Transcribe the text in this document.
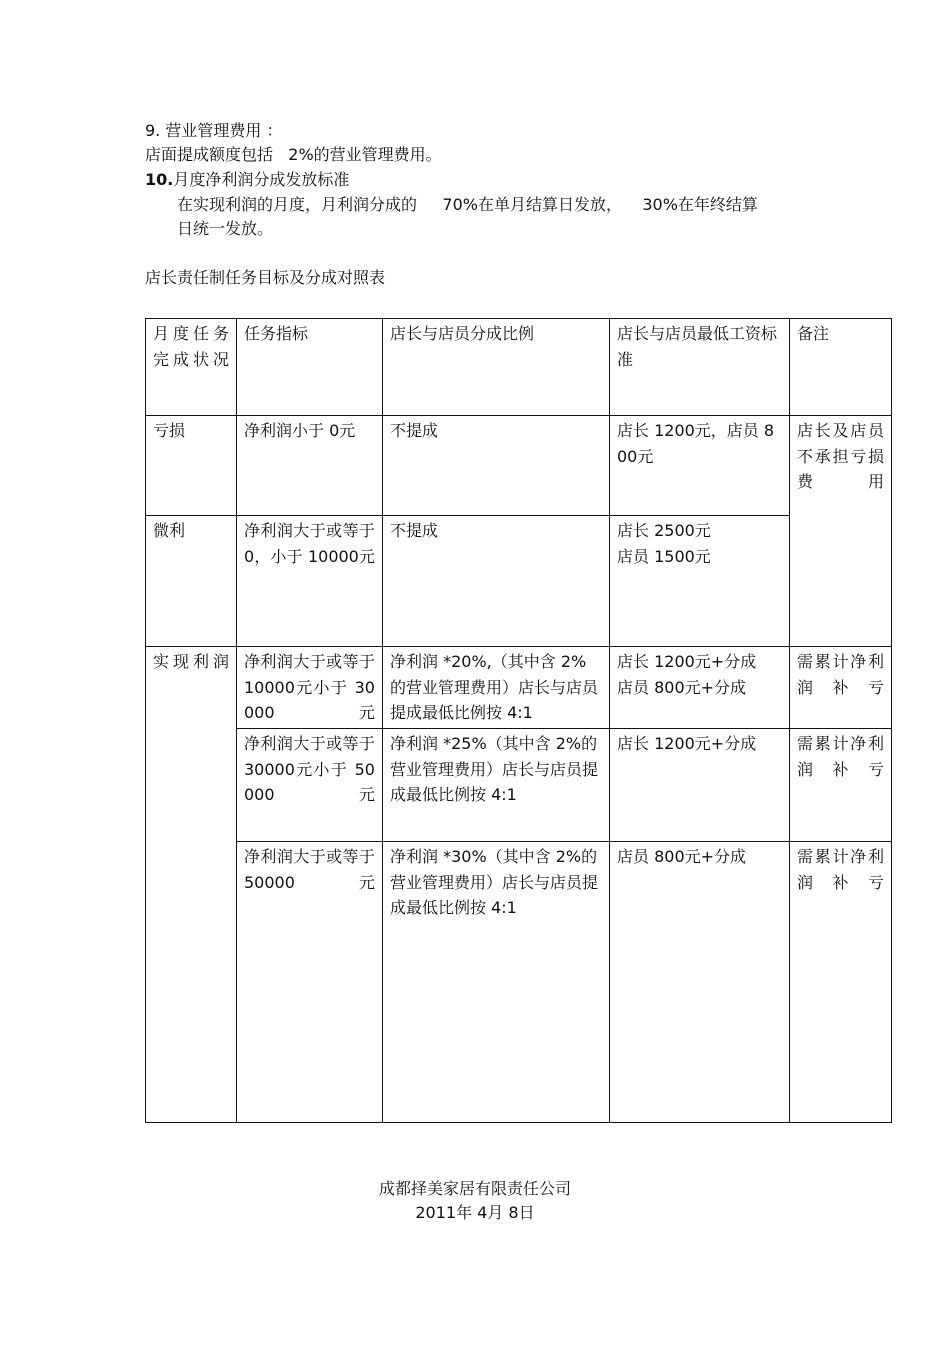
9. 营业管理费用 ：
店面提成额度包括   2%的营业管理费用。
10.月度净利润分成发放标准
在实现利润的月度，月利润分成的     70%在单月结算日发放，    30%在年终结算
日统一发放。
店长责任制任务目标及分成对照表
月度任务完成状况	任务指标	店长与店员分成比例	店长与店员最低工资标准	备注
亏损	净利润小于 0元	不提成	店长 1200元，店员 800元	店长及店员不承担亏损费用
微利	净利润大于或等于 0，小于 10000元	不提成	店长 2500元
店员 1500元	

实现利润	净利润大于或等于10000元小于 30000元	净利润 *20%,（其中含 2%的营业管理费用）店长与店员提成最低比例按 4:1	店长 1200元+分成
店员 800元+分成	需累计净利润补亏
	净利润大于或等于30000元小于 50000元	净利润 *25%（其中含 2%的营业管理费用）店长与店员提成最低比例按 4:1	店长 1200元+分成	需累计净利润补亏
	净利润大于或等于 50000元	净利润 *30%（其中含 2%的营业管理费用）店长与店员提成最低比例按 4:1	店员 800元+分成	需累计净利润补亏
成都择美家居有限责任公司
2011年 4月 8日
